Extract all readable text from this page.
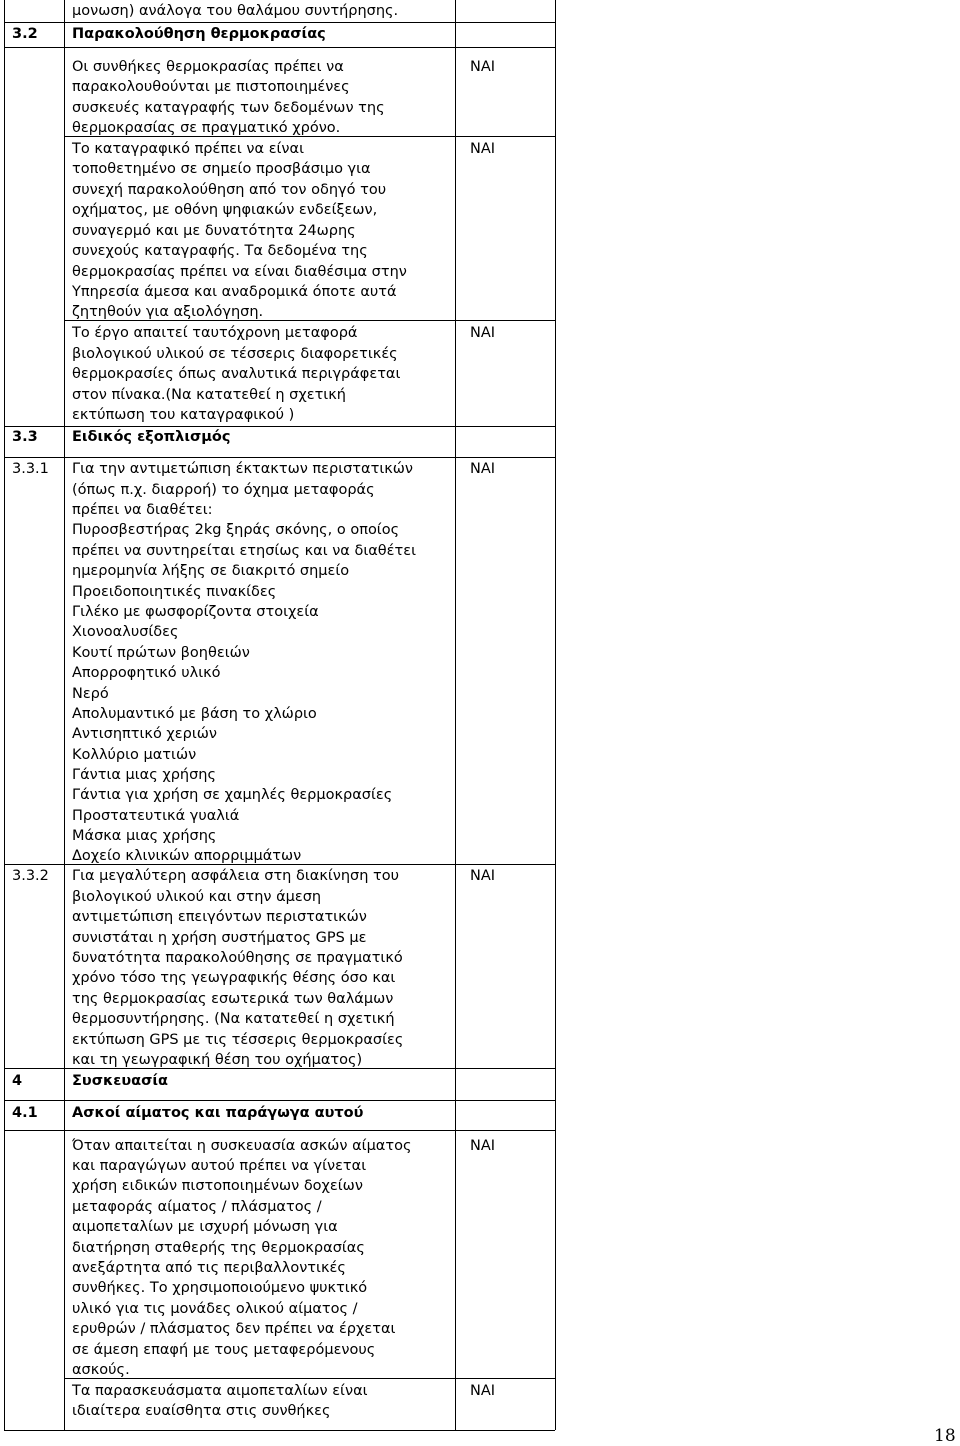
μονωση) ανάλογα του θαλάμου συντήρησης.
3.2 Παρακολούθηση θερμοκρασίας
Οι συνθήκες θερμοκρασίας πρέπει να
παρακολουθούνται με πιστοποιημένες
συσκευές καταγραφής των δεδομένων της
θερμοκρασίας σε πραγματικό χρόνο.
ΝΑΙ
Το καταγραφικό πρέπει να είναι
τοποθετημένο σε σημείο προσβάσιμο για
συνεχή παρακολούθηση από τον οδηγό του
οχήματος, με οθόνη ψηφιακών ενδείξεων,
συναγερμό και με δυνατότητα 24ωρης
συνεχούς καταγραφής. Τα δεδομένα της
θερμοκρασίας πρέπει να είναι διαθέσιμα στην
Υπηρεσία άμεσα και αναδρομικά όποτε αυτά
ζητηθούν για αξιολόγηση.
ΝΑΙ
Το έργο απαιτεί ταυτόχρονη μεταφορά
βιολογικού υλικού σε τέσσερις διαφορετικές
θερμοκρασίες όπως αναλυτικά περιγράφεται
στον πίνακα.(Να κατατεθεί η σχετική
εκτύπωση του καταγραφικού )
ΝΑΙ
3.3 Ειδικός εξοπλισμός
3.3.1 Για την αντιμετώπιση έκτακτων περιστατικών
(όπως π.χ. διαρροή) το όχημα μεταφοράς
πρέπει να διαθέτει:
Πυροσβεστήρας 2kg ξηράς σκόνης, ο οποίος
πρέπει να συντηρείται ετησίως και να διαθέτει
ημερομηνία λήξης σε διακριτό σημείο
Προειδοποιητικές πινακίδες
Γιλέκο με φωσφορίζοντα στοιχεία
Χιονοαλυσίδες
Κουτί πρώτων βοηθειών
Απορροφητικό υλικό
Νερό
Απολυμαντικό με βάση το χλώριο
Αντισηπτικό χεριών
Κολλύριο ματιών
Γάντια μιας χρήσης
Γάντια για χρήση σε χαμηλές θερμοκρασίες
Προστατευτικά γυαλιά
Μάσκα μιας χρήσης
Δοχείο κλινικών απορριμμάτων
ΝΑΙ
3.3.2 Για μεγαλύτερη ασφάλεια στη διακίνηση του
βιολογικού υλικού και στην άμεση
αντιμετώπιση επειγόντων περιστατικών
συνιστάται η χρήση συστήματος GPS με
δυνατότητα παρακολούθησης σε πραγματικό
χρόνο τόσο της γεωγραφικής θέσης όσο και
της θερμοκρασίας εσωτερικά των θαλάμων
θερμοσυντήρησης. (Να κατατεθεί η σχετική
εκτύπωση GPS με τις τέσσερις θερμοκρασίες
και τη γεωγραφική θέση του οχήματος)
ΝΑΙ
4	Συσκευασία
4.1 Ασκοί αίματος και παράγωγα αυτού
Όταν απαιτείται η συσκευασία ασκών αίματος
και παραγώγων αυτού πρέπει να γίνεται
χρήση ειδικών πιστοποιημένων δοχείων
μεταφοράς αίματος / πλάσματος /
αιμοπεταλίων με ισχυρή μόνωση για
διατήρηση σταθερής της θερμοκρασίας
ανεξάρτητα από τις περιβαλλοντικές
συνθήκες. Το χρησιμοποιούμενο ψυκτικό
υλικό για τις μονάδες ολικού αίματος /
ερυθρών / πλάσματος δεν πρέπει να έρχεται
σε άμεση επαφή με τους μεταφερόμενους
ασκούς.
ΝΑΙ
Τα παρασκευάσματα αιμοπεταλίων είναι
ιδιαίτερα ευαίσθητα στις συνθήκες
ΝΑΙ
18
